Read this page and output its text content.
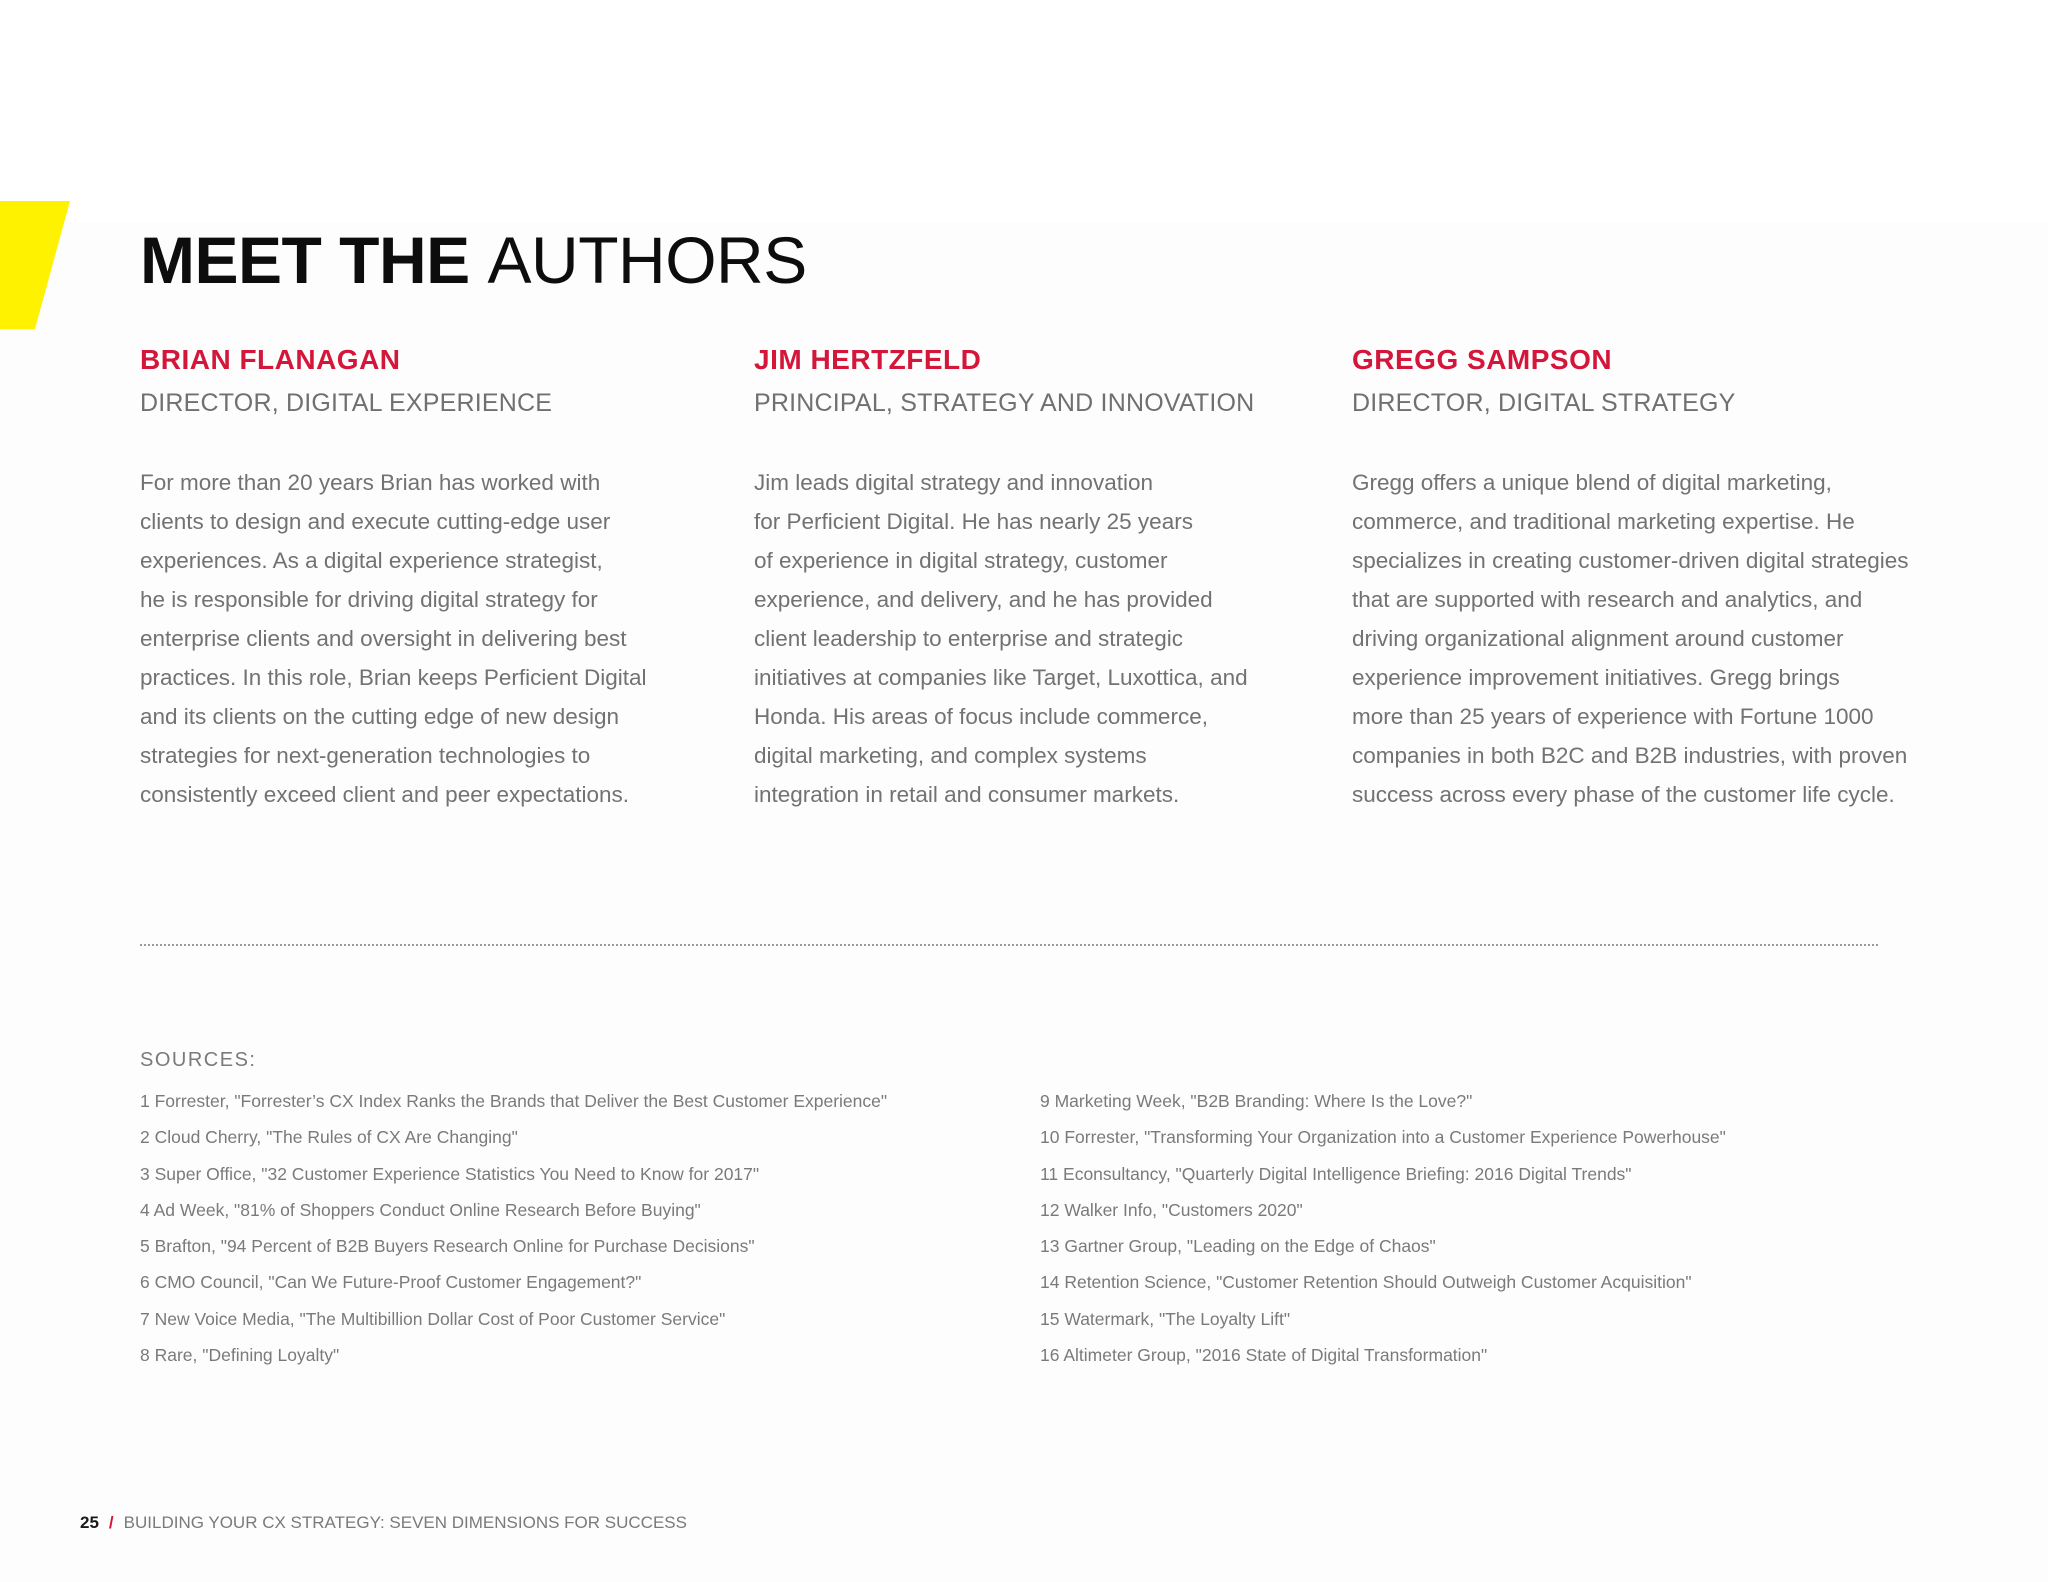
MEET THE AUTHORS
BRIAN FLANAGAN
DIRECTOR, DIGITAL EXPERIENCE
For more than 20 years Brian has worked with
clients to design and execute cutting-edge user
experiences. As a digital experience strategist,
he is responsible for driving digital strategy for
enterprise clients and oversight in delivering best
practices. In this role, Brian keeps Perficient Digital
and its clients on the cutting edge of new design
strategies for next-generation technologies to
consistently exceed client and peer expectations.
JIM HERTZFELD
PRINCIPAL, STRATEGY AND INNOVATION
Jim leads digital strategy and innovation
for Perficient Digital. He has nearly 25 years
of experience in digital strategy, customer
experience, and delivery, and he has provided
client leadership to enterprise and strategic
initiatives at companies like Target, Luxottica, and
Honda. His areas of focus include commerce,
digital marketing, and complex systems
integration in retail and consumer markets.
GREGG SAMPSON
DIRECTOR, DIGITAL STRATEGY
Gregg offers a unique blend of digital marketing,
commerce, and traditional marketing expertise. He
specializes in creating customer-driven digital strategies
that are supported with research and analytics, and
driving organizational alignment around customer
experience improvement initiatives. Gregg brings
more than 25 years of experience with Fortune 1000
companies in both B2C and B2B industries, with proven
success across every phase of the customer life cycle.
SOURCES:
1 Forrester, "Forrester’s CX Index Ranks the Brands that Deliver the Best Customer Experience"
2 Cloud Cherry, "The Rules of CX Are Changing"
3 Super Office, "32 Customer Experience Statistics You Need to Know for 2017"
4 Ad Week, "81% of Shoppers Conduct Online Research Before Buying"
5 Brafton, "94 Percent of B2B Buyers Research Online for Purchase Decisions"
6 CMO Council, "Can We Future-Proof Customer Engagement?"
7 New Voice Media, "The Multibillion Dollar Cost of Poor Customer Service"
8 Rare, "Defining Loyalty"
9 Marketing Week, "B2B Branding: Where Is the Love?"
10 Forrester, "Transforming Your Organization into a Customer Experience Powerhouse"
11 Econsultancy, "Quarterly Digital Intelligence Briefing: 2016 Digital Trends"
12 Walker Info, "Customers 2020"
13 Gartner Group, "Leading on the Edge of Chaos"
14 Retention Science, "Customer Retention Should Outweigh Customer Acquisition"
15 Watermark, "The Loyalty Lift"
16 Altimeter Group, "2016 State of Digital Transformation"
25 / BUILDING YOUR CX STRATEGY: SEVEN DIMENSIONS FOR SUCCESS
